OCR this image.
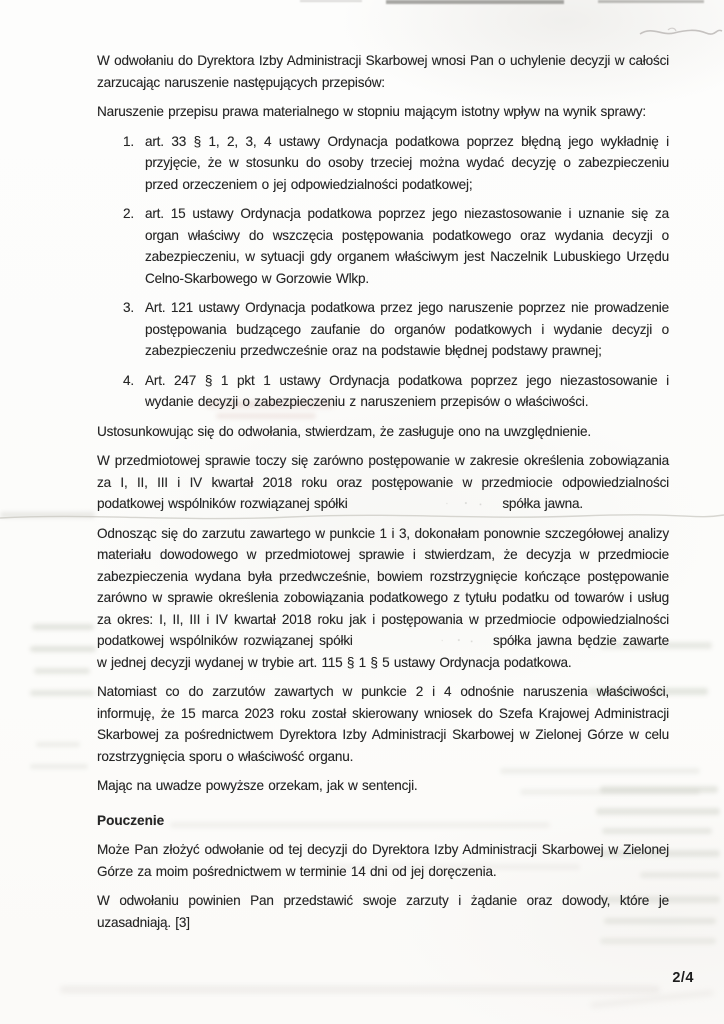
W odwołaniu do Dyrektora Izby Administracji Skarbowej wnosi Pan o uchylenie decyzji w całości zarzucając naruszenie następujących przepisów:

Naruszenie przepisu prawa materialnego w stopniu mającym istotny wpływ na wynik sprawy:

1. art. 33 § 1, 2, 3, 4 ustawy Ordynacja podatkowa poprzez błędną jego wykładnię i przyjęcie, że w stosunku do osoby trzeciej można wydać decyzję o zabezpieczeniu przed orzeczeniem o jej odpowiedzialności podatkowej;
2. art. 15 ustawy Ordynacja podatkowa poprzez jego niezastosowanie i uznanie się za organ właściwy do wszczęcia postępowania podatkowego oraz wydania decyzji o zabezpieczeniu, w sytuacji gdy organem właściwym jest Naczelnik Lubuskiego Urzędu Celno-Skarbowego w Gorzowie Wlkp.
3. Art. 121 ustawy Ordynacja podatkowa przez jego naruszenie poprzez nie prowadzenie postępowania budzącego zaufanie do organów podatkowych i wydanie decyzji o zabezpieczeniu przedwcześnie oraz na podstawie błędnej podstawy prawnej;
4. Art. 247 § 1 pkt 1 ustawy Ordynacja podatkowa poprzez jego niezastosowanie i wydanie decyzji o zabezpieczeniu z naruszeniem przepisów o właściwości.

Ustosunkowując się do odwołania, stwierdzam, że zasługuje ono na uwzględnienie.

W przedmiotowej sprawie toczy się zarówno postępowanie w zakresie określenia zobowiązania za I, II, III i IV kwartał 2018 roku oraz postępowanie w przedmiocie odpowiedzialności podatkowej wspólników rozwiązanej spółki	spółka jawna.

Odnosząc się do zarzutu zawartego w punkcie 1 i 3, dokonałam ponownie szczegółowej analizy materiału dowodowego w przedmiotowej sprawie i stwierdzam, że decyzja w przedmiocie zabezpieczenia wydana była przedwcześnie, bowiem rozstrzygnięcie kończące postępowanie zarówno w sprawie określenia zobowiązania podatkowego z tytułu podatku od towarów i usług za okres: I, II, III i IV kwartał 2018 roku jak i postępowania w przedmiocie odpowiedzialności podatkowej wspólników rozwiązanej spółki	spółka jawna będzie zawarte w jednej decyzji wydanej w trybie art. 115 § 1 § 5 ustawy Ordynacja podatkowa.

Natomiast co do zarzutów zawartych w punkcie 2 i 4 odnośnie naruszenia właściwości, informuję, że 15 marca 2023 roku został skierowany wniosek do Szefa Krajowej Administracji Skarbowej za pośrednictwem Dyrektora Izby Administracji Skarbowej w Zielonej Górze w celu rozstrzygnięcia sporu o właściwość organu.

Mając na uwadze powyższe orzekam, jak w sentencji.

Pouczenie

Może Pan złożyć odwołanie od tej decyzji do Dyrektora Izby Administracji Skarbowej w Zielonej Górze za moim pośrednictwem w terminie 14 dni od jej doręczenia.

W odwołaniu powinien Pan przedstawić swoje zarzuty i żądanie oraz dowody, które je uzasadniają. [3]

2/4
